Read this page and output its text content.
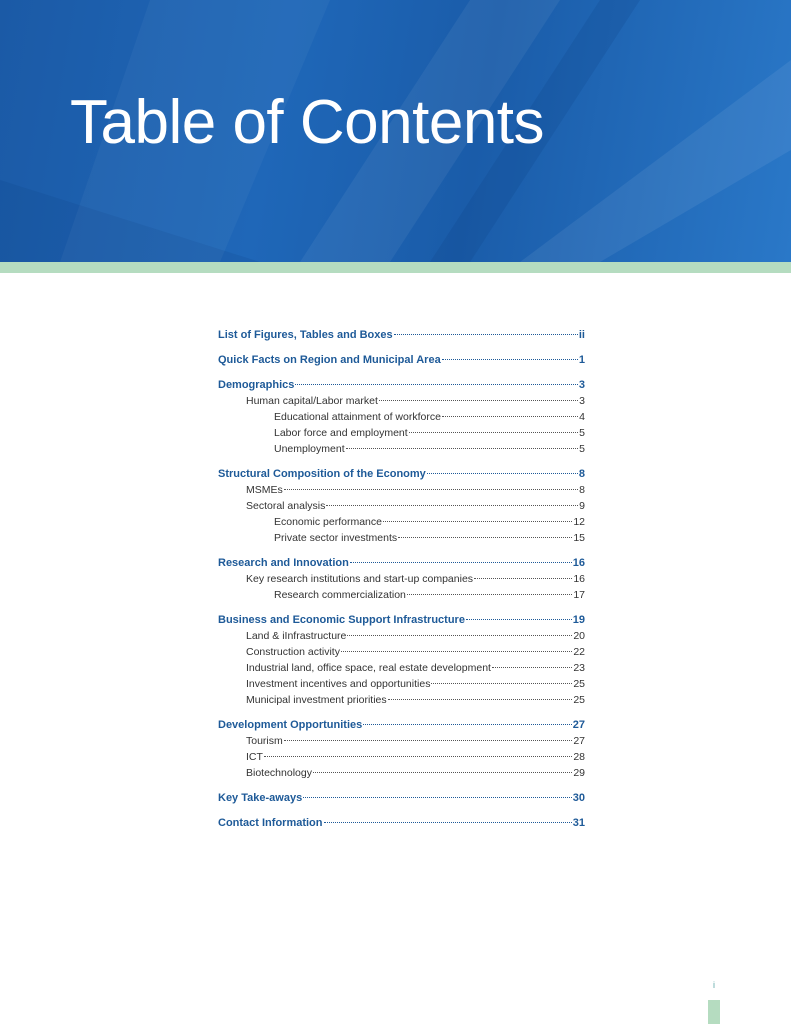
Table of Contents
List of Figures, Tables and Boxes	ii
Quick Facts on Region and Municipal Area	1
Demographics	3
Human capital/Labor market	3
Educational attainment of workforce	4
Labor force and employment	5
Unemployment	5
Structural Composition of the Economy	8
MSMEs	8
Sectoral analysis	9
Economic performance	12
Private sector investments	15
Research and Innovation	16
Key research institutions and start-up companies	16
Research commercialization	17
Business and Economic Support Infrastructure	19
Land & iInfrastructure	20
Construction activity	22
Industrial land, office space, real estate development	23
Investment incentives and opportunities	25
Municipal investment priorities	25
Development Opportunities	27
Tourism	27
ICT	28
Biotechnology	29
Key Take-aways	30
Contact Information	31
i
